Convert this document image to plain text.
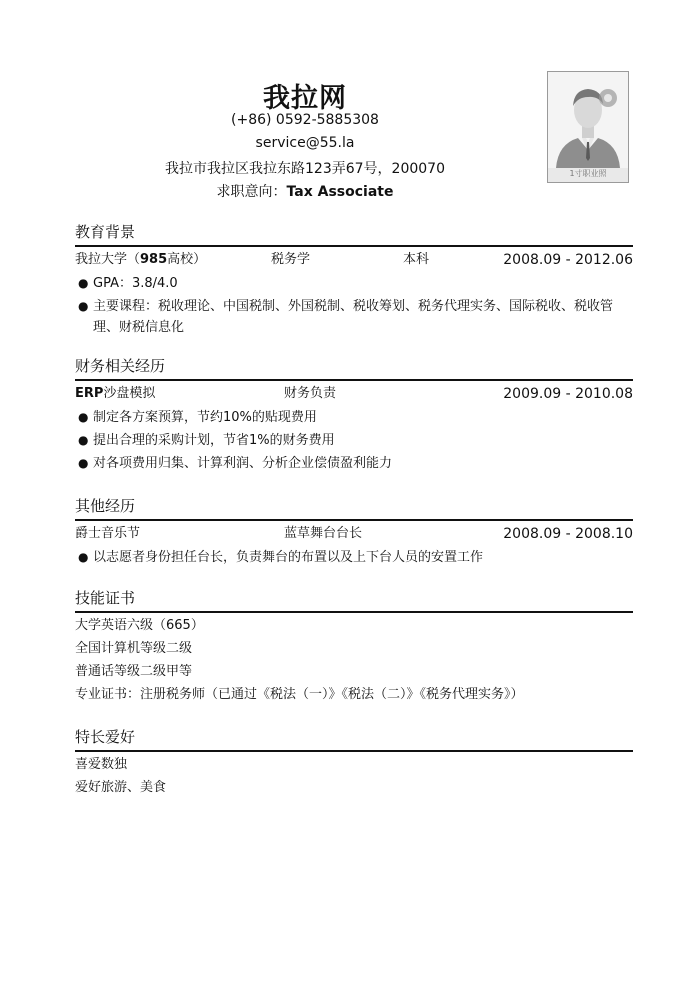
我拉网
(+86) 0592-5885308
service@55.la
我拉市我拉区我拉东路123弄67号，200070
求职意向：Tax Associate
1寸职业照
教育背景
我拉大学（985高校）	税务学	本科	2008.09 - 2012.06
● GPA：3.8/4.0
● 主要课程：税收理论、中国税制、外国税制、税收筹划、税务代理实务、国际税收、税收管理、财税信息化
财务相关经历
ERP沙盘模拟	财务负责	2009.09 - 2010.08
● 制定各方案预算，节约10%的贴现费用
● 提出合理的采购计划，节省1%的财务费用
● 对各项费用归集、计算利润、分析企业偿债盈利能力
其他经历
爵士音乐节	蓝草舞台台长	2008.09 - 2008.10
● 以志愿者身份担任台长，负责舞台的布置以及上下台人员的安置工作
技能证书
大学英语六级（665）
全国计算机等级二级
普通话等级二级甲等
专业证书：注册税务师（已通过《税法（一）》《税法（二）》《税务代理实务》）
特长爱好
喜爱数独
爱好旅游、美食
